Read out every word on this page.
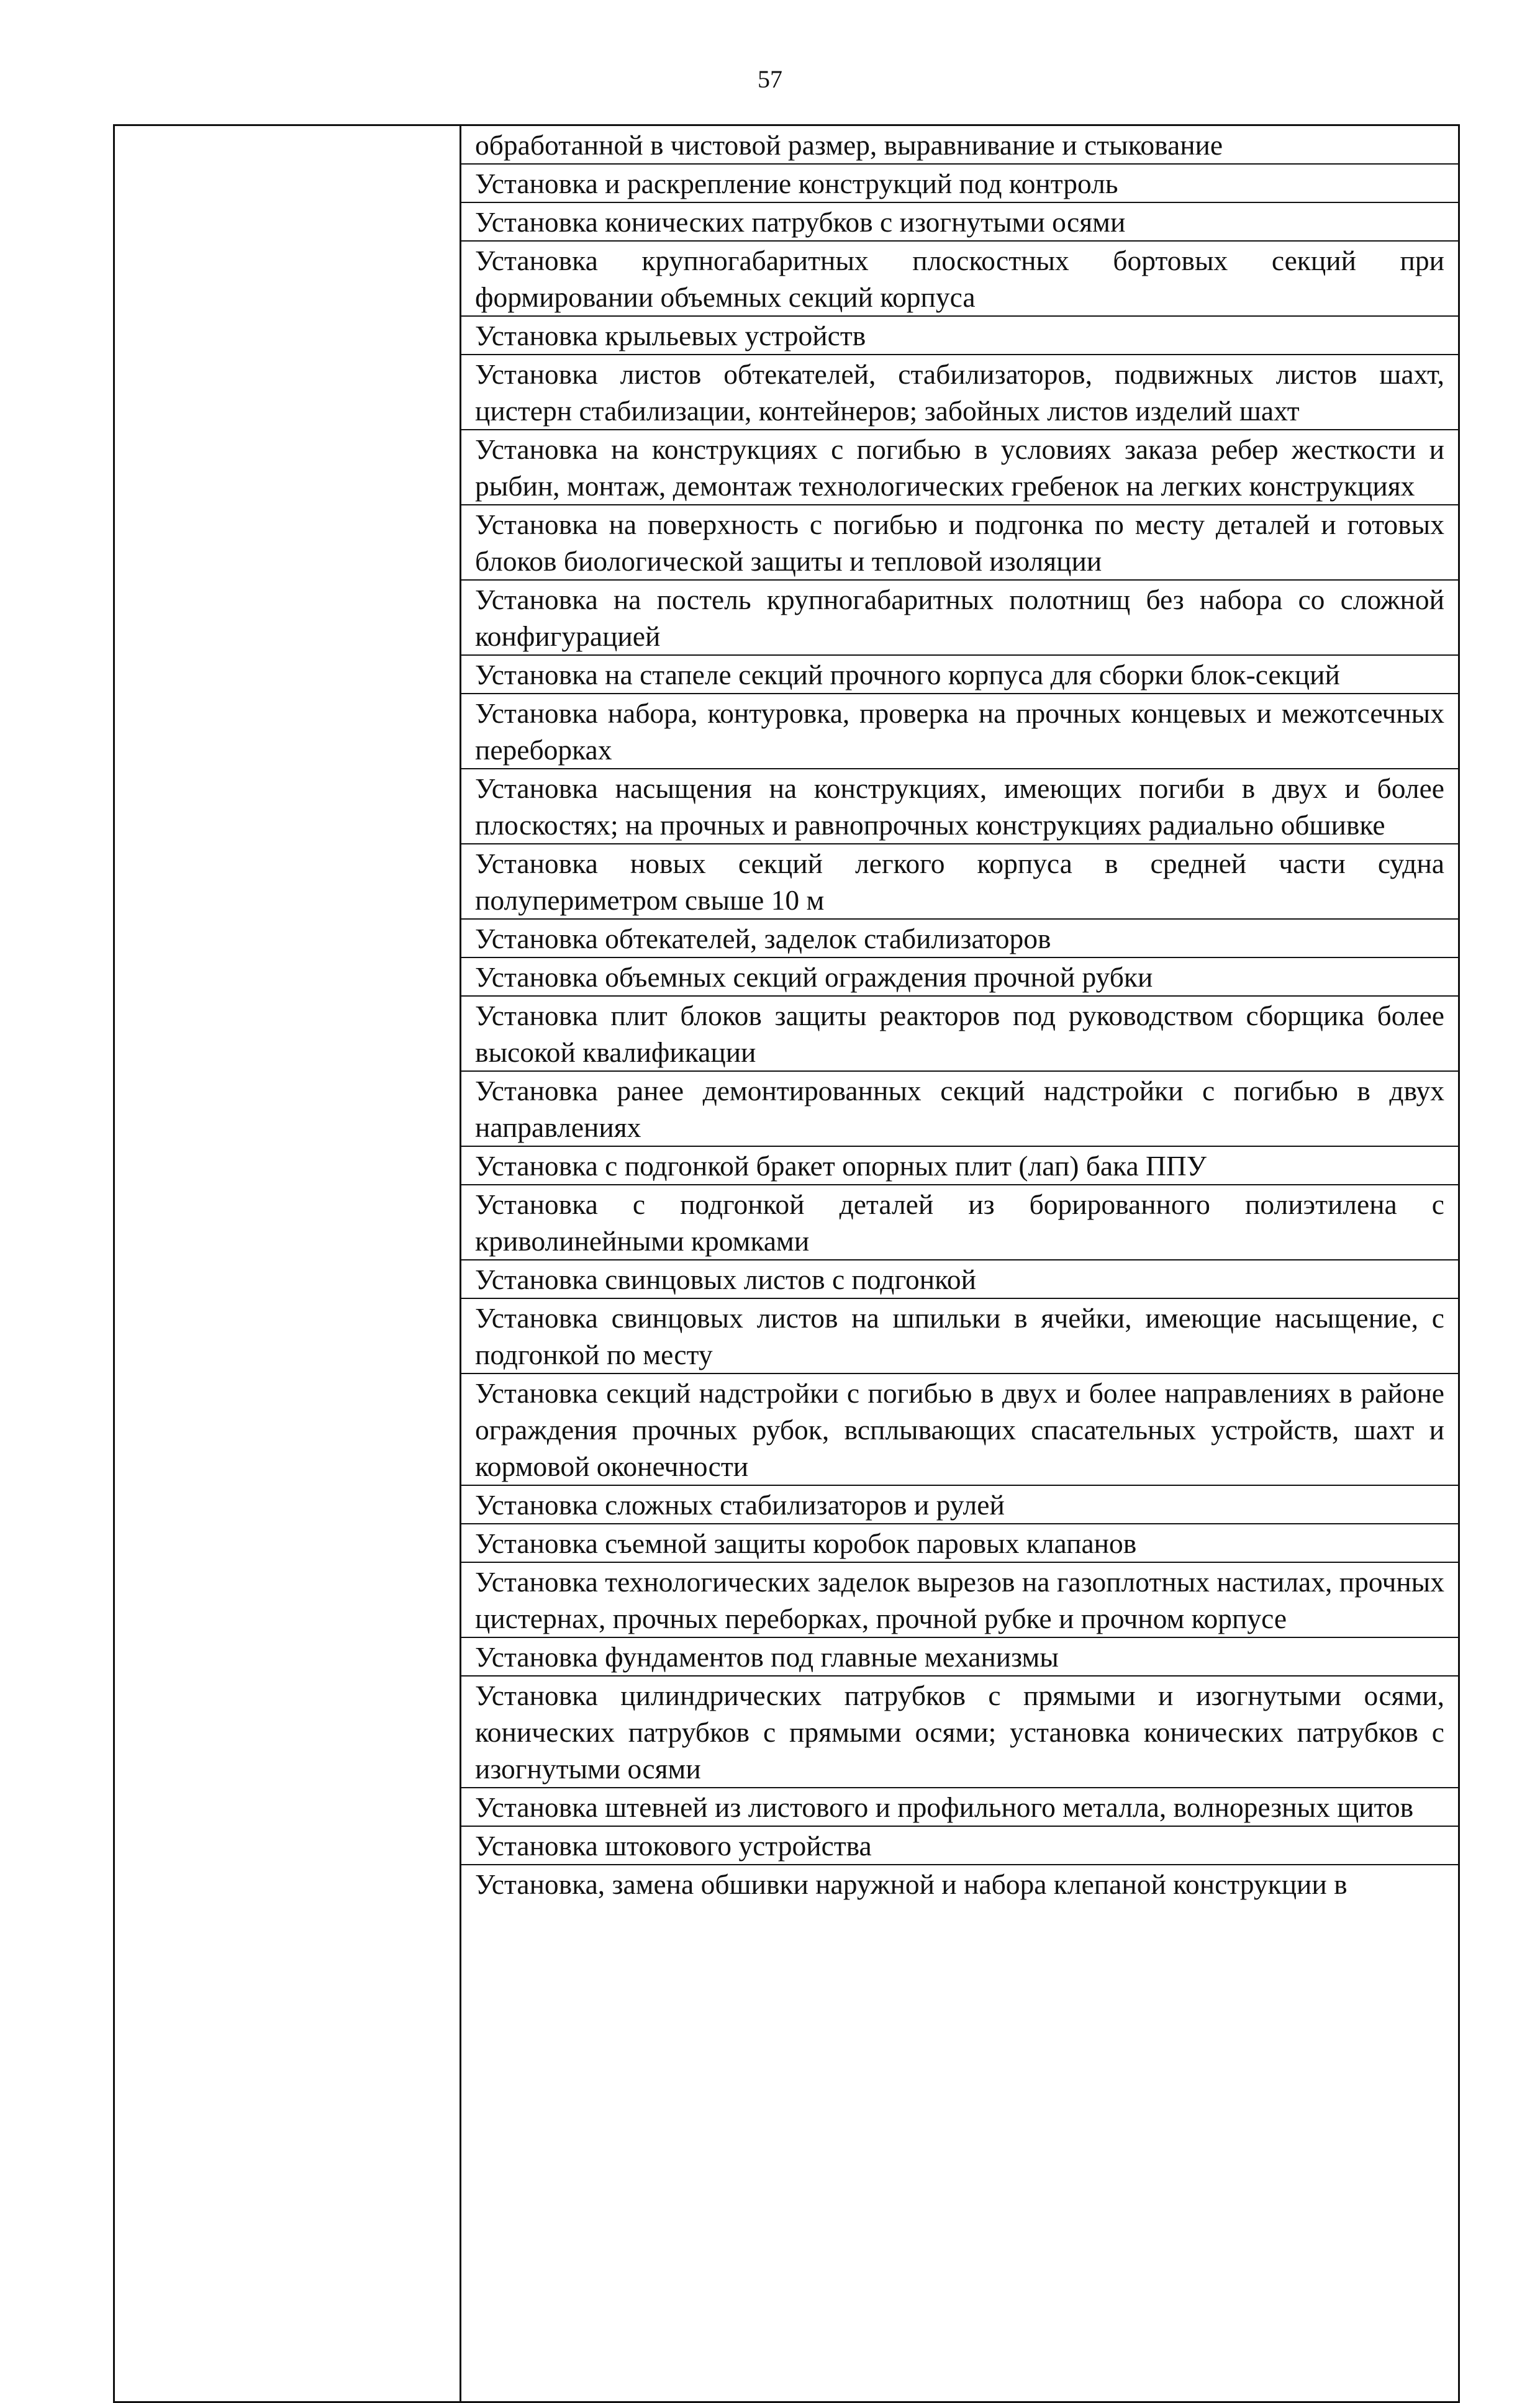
57

обработанной в чистовой размер, выравнивание и стыкование
Установка и раскрепление конструкций под контроль
Установка конических патрубков с изогнутыми осями
Установка крупногабаритных плоскостных бортовых секций при формировании объемных секций корпуса
Установка крыльевых устройств
Установка листов обтекателей, стабилизаторов, подвижных листов шахт, цистерн стабилизации, контейнеров; забойных листов изделий шахт
Установка на конструкциях с погибью в условиях заказа ребер жесткости и рыбин, монтаж, демонтаж технологических гребенок на легких конструкциях
Установка на поверхность с погибью и подгонка по месту деталей и готовых блоков биологической защиты и тепловой изоляции
Установка на постель крупногабаритных полотнищ без набора со сложной конфигурацией
Установка на стапеле секций прочного корпуса для сборки блок-секций
Установка набора, контуровка, проверка на прочных концевых и межотсечных переборках
Установка насыщения на конструкциях, имеющих погиби в двух и более плоскостях; на прочных и равнопрочных конструкциях радиально обшивке
Установка новых секций легкого корпуса в средней части судна полупериметром свыше 10 м
Установка обтекателей, заделок стабилизаторов
Установка объемных секций ограждения прочной рубки
Установка плит блоков защиты реакторов под руководством сборщика более высокой квалификации
Установка ранее демонтированных секций надстройки с погибью в двух направлениях
Установка с подгонкой бракет опорных плит (лап) бака ППУ
Установка с подгонкой деталей из борированного полиэтилена с криволинейными кромками
Установка свинцовых листов с подгонкой
Установка свинцовых листов на шпильки в ячейки, имеющие насыщение, с подгонкой по месту
Установка секций надстройки с погибью в двух и более направлениях в районе ограждения прочных рубок, всплывающих спасательных устройств, шахт и кормовой оконечности
Установка сложных стабилизаторов и рулей
Установка съемной защиты коробок паровых клапанов
Установка технологических заделок вырезов на газоплотных настилах, прочных цистернах, прочных переборках, прочной рубке и прочном корпусе
Установка фундаментов под главные механизмы
Установка цилиндрических патрубков с прямыми и изогнутыми осями, конических патрубков с прямыми осями; установка конических патрубков с изогнутыми осями
Установка штевней из листового и профильного металла, волнорезных щитов
Установка штокового устройства
Установка, замена обшивки наружной и набора клепаной конструкции в
